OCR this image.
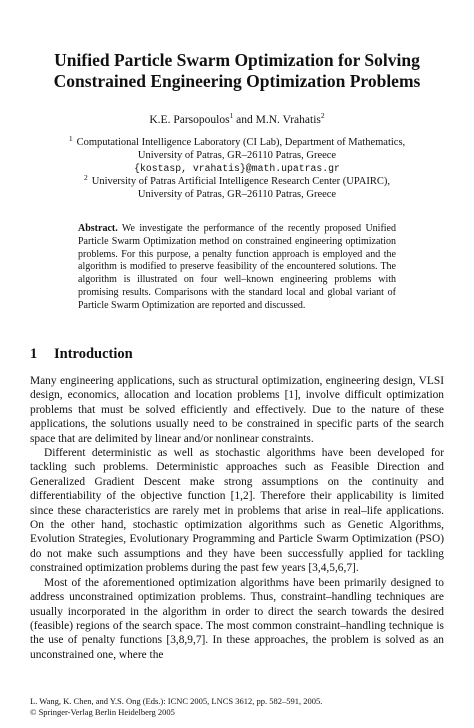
Unified Particle Swarm Optimization for Solving
Constrained Engineering Optimization Problems
K.E. Parsopoulos$^1$ and M.N. Vrahatis$^2$
$^1$ Computational Intelligence Laboratory (CI Lab), Department of Mathematics,
University of Patras, GR–26110 Patras, Greece
{kostasp, vrahatis}@math.upatras.gr
$^2$ University of Patras Artificial Intelligence Research Center (UPAIRC),
University of Patras, GR–26110 Patras, Greece
Abstract. We investigate the performance of the recently proposed Unified Particle Swarm Optimization method on constrained engineering optimization problems. For this purpose, a penalty function approach is employed and the algorithm is modified to preserve feasibility of the encountered solutions. The algorithm is illustrated on four well–known engineering problems with promising results. Comparisons with the standard local and global variant of Particle Swarm Optimization are reported and discussed.
1 Introduction

Many engineering applications, such as structural optimization, engineering design, VLSI design, economics, allocation and location problems [1], involve difficult optimization problems that must be solved efficiently and effectively. Due to the nature of these applications, the solutions usually need to be constrained in specific parts of the search space that are delimited by linear and/or nonlinear constraints.

Different deterministic as well as stochastic algorithms have been developed for tackling such problems. Deterministic approaches such as Feasible Direction and Generalized Gradient Descent make strong assumptions on the continuity and differentiability of the objective function [1,2]. Therefore their applicability is limited since these characteristics are rarely met in problems that arise in real–life applications. On the other hand, stochastic optimization algorithms such as Genetic Algorithms, Evolution Strategies, Evolutionary Programming and Particle Swarm Optimization (PSO) do not make such assumptions and they have been successfully applied for tackling constrained optimization problems during the past few years [3,4,5,6,7].

Most of the aforementioned optimization algorithms have been primarily designed to address unconstrained optimization problems. Thus, constraint–handling techniques are usually incorporated in the algorithm in order to direct the search towards the desired (feasible) regions of the search space. The most common constraint–handling technique is the use of penalty functions [3,8,9,7]. In these approaches, the problem is solved as an unconstrained one, where the

L. Wang, K. Chen, and Y.S. Ong (Eds.): ICNC 2005, LNCS 3612, pp. 582–591, 2005.
© Springer-Verlag Berlin Heidelberg 2005
